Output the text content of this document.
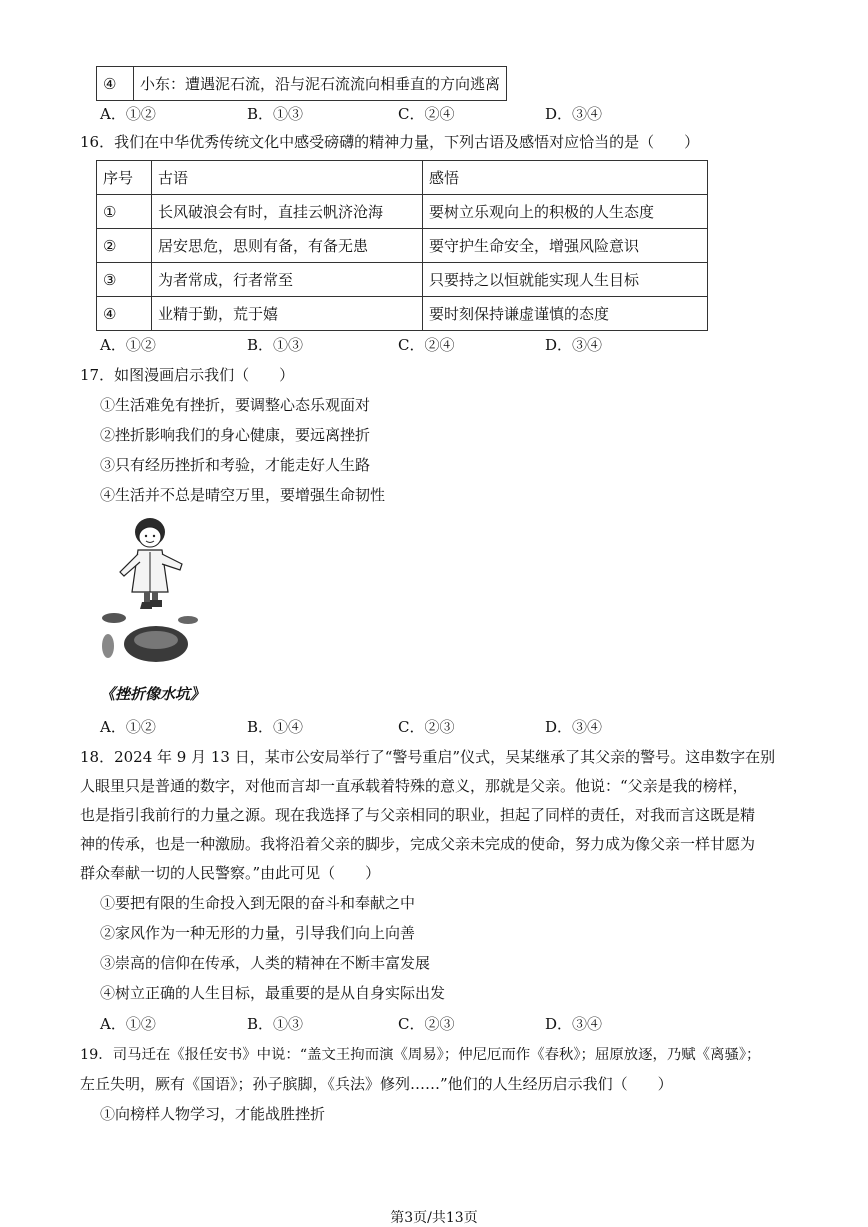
④	小东：遭遇泥石流，沿与泥石流流向相垂直的方向逃离
A．①②	B．①③	C．②④	D．③④
16．我们在中华优秀传统文化中感受磅礴的精神力量，下列古语及感悟对应恰当的是（　　）
序号	古语	感悟
①	长风破浪会有时，直挂云帆济沧海	要树立乐观向上的积极的人生态度
②	居安思危，思则有备，有备无患	要守护生命安全，增强风险意识
③	为者常成，行者常至	只要持之以恒就能实现人生目标
④	业精于勤，荒于嬉	要时刻保持谦虚谨慎的态度
A．①②	B．①③	C．②④	D．③④
17．如图漫画启示我们（　　）
①生活难免有挫折，要调整心态乐观面对
②挫折影响我们的身心健康，要远离挫折
③只有经历挫折和考验，才能走好人生路
④生活并不总是晴空万里，要增强生命韧性
《挫折像水坑》
A．①②	B．①④	C．②③	D．③④
18．2024 年 9 月 13 日，某市公安局举行了“警号重启”仪式，吴某继承了其父亲的警号。这串数字在别
人眼里只是普通的数字，对他而言却一直承载着特殊的意义，那就是父亲。他说：“父亲是我的榜样，
也是指引我前行的力量之源。现在我选择了与父亲相同的职业，担起了同样的责任，对我而言这既是精
神的传承，也是一种激励。我将沿着父亲的脚步，完成父亲未完成的使命，努力成为像父亲一样甘愿为
群众奉献一切的人民警察。”由此可见（　　）
①要把有限的生命投入到无限的奋斗和奉献之中
②家风作为一种无形的力量，引导我们向上向善
③崇高的信仰在传承，人类的精神在不断丰富发展
④树立正确的人生目标，最重要的是从自身实际出发
A．①②	B．①③	C．②③	D．③④
19．司马迁在《报任安书》中说：“盖文王拘而演《周易》；仲尼厄而作《春秋》；屈原放逐，乃赋《离骚》；
左丘失明，厥有《国语》；孙子膑脚，《兵法》修列……”他们的人生经历启示我们（　　）
①向榜样人物学习，才能战胜挫折
第3页/共13页
